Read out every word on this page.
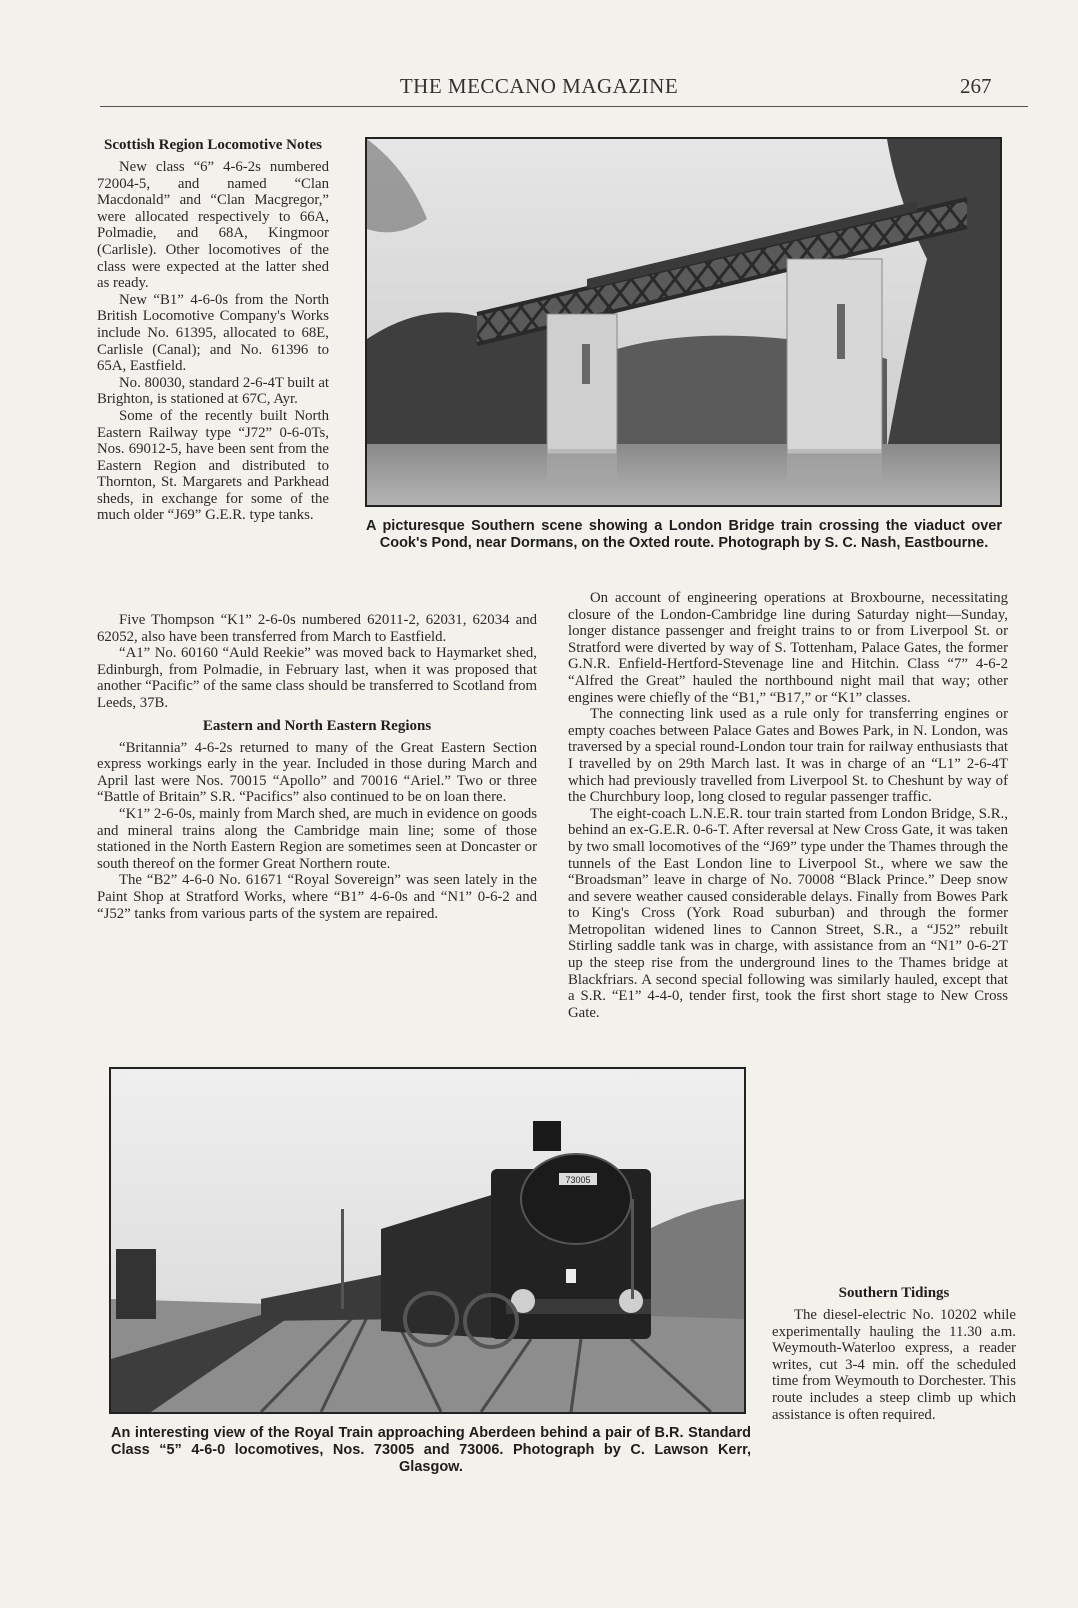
THE MECCANO MAGAZINE	267
Scottish Region Locomotive Notes

New class “6” 4-6-2s numbered 72004-5, and named “Clan Macdonald” and “Clan Macgregor,” were allocated respectively to 66A, Polmadie, and 68A, Kingmoor (Carlisle). Other locomotives of the class were expected at the latter shed as ready.

New “B1” 4-6-0s from the North British Locomotive Company's Works include No. 61395, allocated to 68E, Carlisle (Canal); and No. 61396 to 65A, Eastfield.

No. 80030, standard 2-6-4T built at Brighton, is stationed at 67C, Ayr.

Some of the recently built North Eastern Railway type “J72” 0-6-0Ts, Nos. 69012-5, have been sent from the Eastern Region and distributed to Thornton, St. Margarets and Parkhead sheds, in exchange for some of the much older “J69” G.E.R. type tanks.

Five Thompson “K1” 2-6-0s numbered 62011-2, 62031, 62034 and 62052, also have been transferred from March to Eastfield.

“A1” No. 60160 “Auld Reekie” was moved back to Haymarket shed, Edinburgh, from Polmadie, in February last, when it was proposed that another “Pacific” of the same class should be transferred to Scotland from Leeds, 37B.

Eastern and North Eastern Regions

“Britannia” 4-6-2s returned to many of the Great Eastern Section express workings early in the year. Included in those during March and April last were Nos. 70015 “Apollo” and 70016 “Ariel.” Two or three “Battle of Britain” S.R. “Pacifics” also continued to be on loan there.

“K1” 2-6-0s, mainly from March shed, are much in evidence on goods and mineral trains along the Cambridge main line; some of those stationed in the North Eastern Region are sometimes seen at Doncaster or south thereof on the former Great Northern route.

The “B2” 4-6-0 No. 61671 “Royal Sovereign” was seen lately in the Paint Shop at Stratford Works, where “B1” 4-6-0s and “N1” 0-6-2 and “J52” tanks from various parts of the system are repaired.

On account of engineering operations at Broxbourne, necessitating closure of the London-Cambridge line during Saturday night—Sunday, longer distance passenger and freight trains to or from Liverpool St. or Stratford were diverted by way of S. Tottenham, Palace Gates, the former G.N.R. Enfield-Hertford-Stevenage line and Hitchin. Class “7” 4-6-2 “Alfred the Great” hauled the northbound night mail that way; other engines were chiefly of the “B1,” “B17,” or “K1” classes.

The connecting link used as a rule only for transferring engines or empty coaches between Palace Gates and Bowes Park, in N. London, was traversed by a special round-London tour train for railway enthusiasts that I travelled by on 29th March last. It was in charge of an “L1” 2-6-4T which had previously travelled from Liverpool St. to Cheshunt by way of the Churchbury loop, long closed to regular passenger traffic.

The eight-coach L.N.E.R. tour train started from London Bridge, S.R., behind an ex-G.E.R. 0-6-T. After reversal at New Cross Gate, it was taken by two small locomotives of the “J69” type under the Thames through the tunnels of the East London line to Liverpool St., where we saw the “Broadsman” leave in charge of No. 70008 “Black Prince.” Deep snow and severe weather caused considerable delays. Finally from Bowes Park to King's Cross (York Road suburban) and through the former Metropolitan widened lines to Cannon Street, S.R., a “J52” rebuilt Stirling saddle tank was in charge, with assistance from an “N1” 0-6-2T up the steep rise from the underground lines to the Thames bridge at Blackfriars. A second special following was similarly hauled, except that a S.R. “E1” 4-4-0, tender first, took the first short stage to New Cross Gate.

Southern Tidings

The diesel-electric No. 10202 while experimentally hauling the 11.30 a.m. Weymouth-Waterloo express, a reader writes, cut 3-4 min. off the scheduled time from Weymouth to Dorchester. This route includes a steep climb up which assistance is often required.

A picturesque Southern scene showing a London Bridge train crossing the viaduct over Cook's Pond, near Dormans, on the Oxted route. Photograph by S. C. Nash, Eastbourne.
73005
An interesting view of the Royal Train approaching Aberdeen behind a pair of B.R. Standard Class “5” 4-6-0 locomotives, Nos. 73005 and 73006. Photograph by C. Lawson Kerr, Glasgow.
